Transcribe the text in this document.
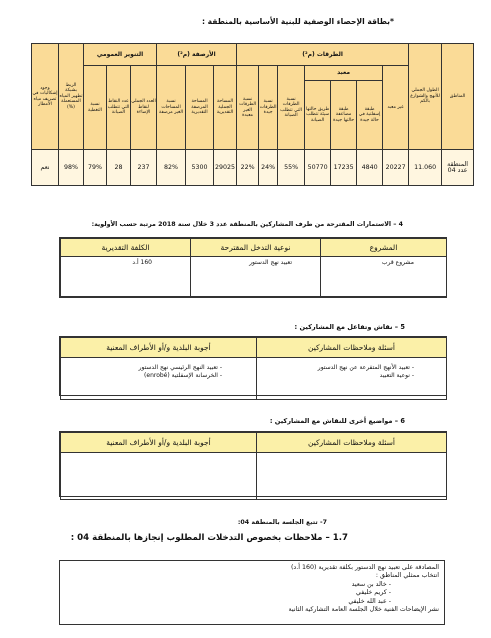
*بطاقة الإحصاء الوصفية للبنية الأساسية بالمنطقة :
المناطق	الطول الجملي للأنهج والشوارع بالكم	الطرقات (م²)							الأرصفة (م²)			التنوير العمومي			الربط بشبكة تطهير المياه المستعملة (%)	وجود إشكاليات في تصريف مياه الأمطار
		غير معبد	معبد			نسبة الطرقات التي تتطلب الصيانة	نسبة الطرقات جيدة	نسبة الطرقات الغير معبدة	المساحة الجملية التقديرية	المساحة المرصفة التقديرية	نسبة المساحات الغير مرصفة	العدد الجملي لنقاط الإضاءة	عدد النقاط التي تتطلب الصيانة	نسبة التغطية		
			طبقة إسفلتية في حالة جيدة	طبقة مضاعفة حالتها جيدة	طريق حالتها سيئة تتطلب الصيانة											
المنطقة عدد 04	11.060	20227	4840	17235	50770	55%	24%	22%	29025	5300	82%	237	28	79%	98%	نعم
4 – الاستمارات المقترحة من طرف المشاركين بالمنطقة عدد 3 خلال سنة 2018 مرتبة حسب الأولوية:
المشروع	نوعية التدخل المقترحة	الكلفة التقديرية

مشروع قرب	تعبيد نهج الدستور	160 أ.د
5 – نقاش وتفاعل مع المشاركين :
أسئلة وملاحظات المشاركين	أجوبة البلدية و/أو الأطراف المعنية

- تعبيد الأنهج المتفرعة عن نهج الدستور
- نوعية التعبيد	- تعبيد النهج الرئيسي نهج الدستور
- الخرسانة الإسفلتية (enrobé)
6 – مواضيع أخرى للنقاش مع المشاركين :
أسئلة وملاحظات المشاركين	أجوبة البلدية و/أو الأطراف المعنية

7- تتبع الجلسة بالمنطقة 04:
1.7 – ملاحظات بخصوص التدخلات المطلوب إنجازها بالمنطقة 04 :
المصادقة على تعبيد نهج الدستور بكلفة تقديرية (160 أ.د)
انتخاب ممثلي المناطق :
- خالد بن سعيد
- كريم خليفي
- عبد الله خليفي
نشر الإيضاحات الفنية خلال الجلسة العامة التشاركية الثانية
